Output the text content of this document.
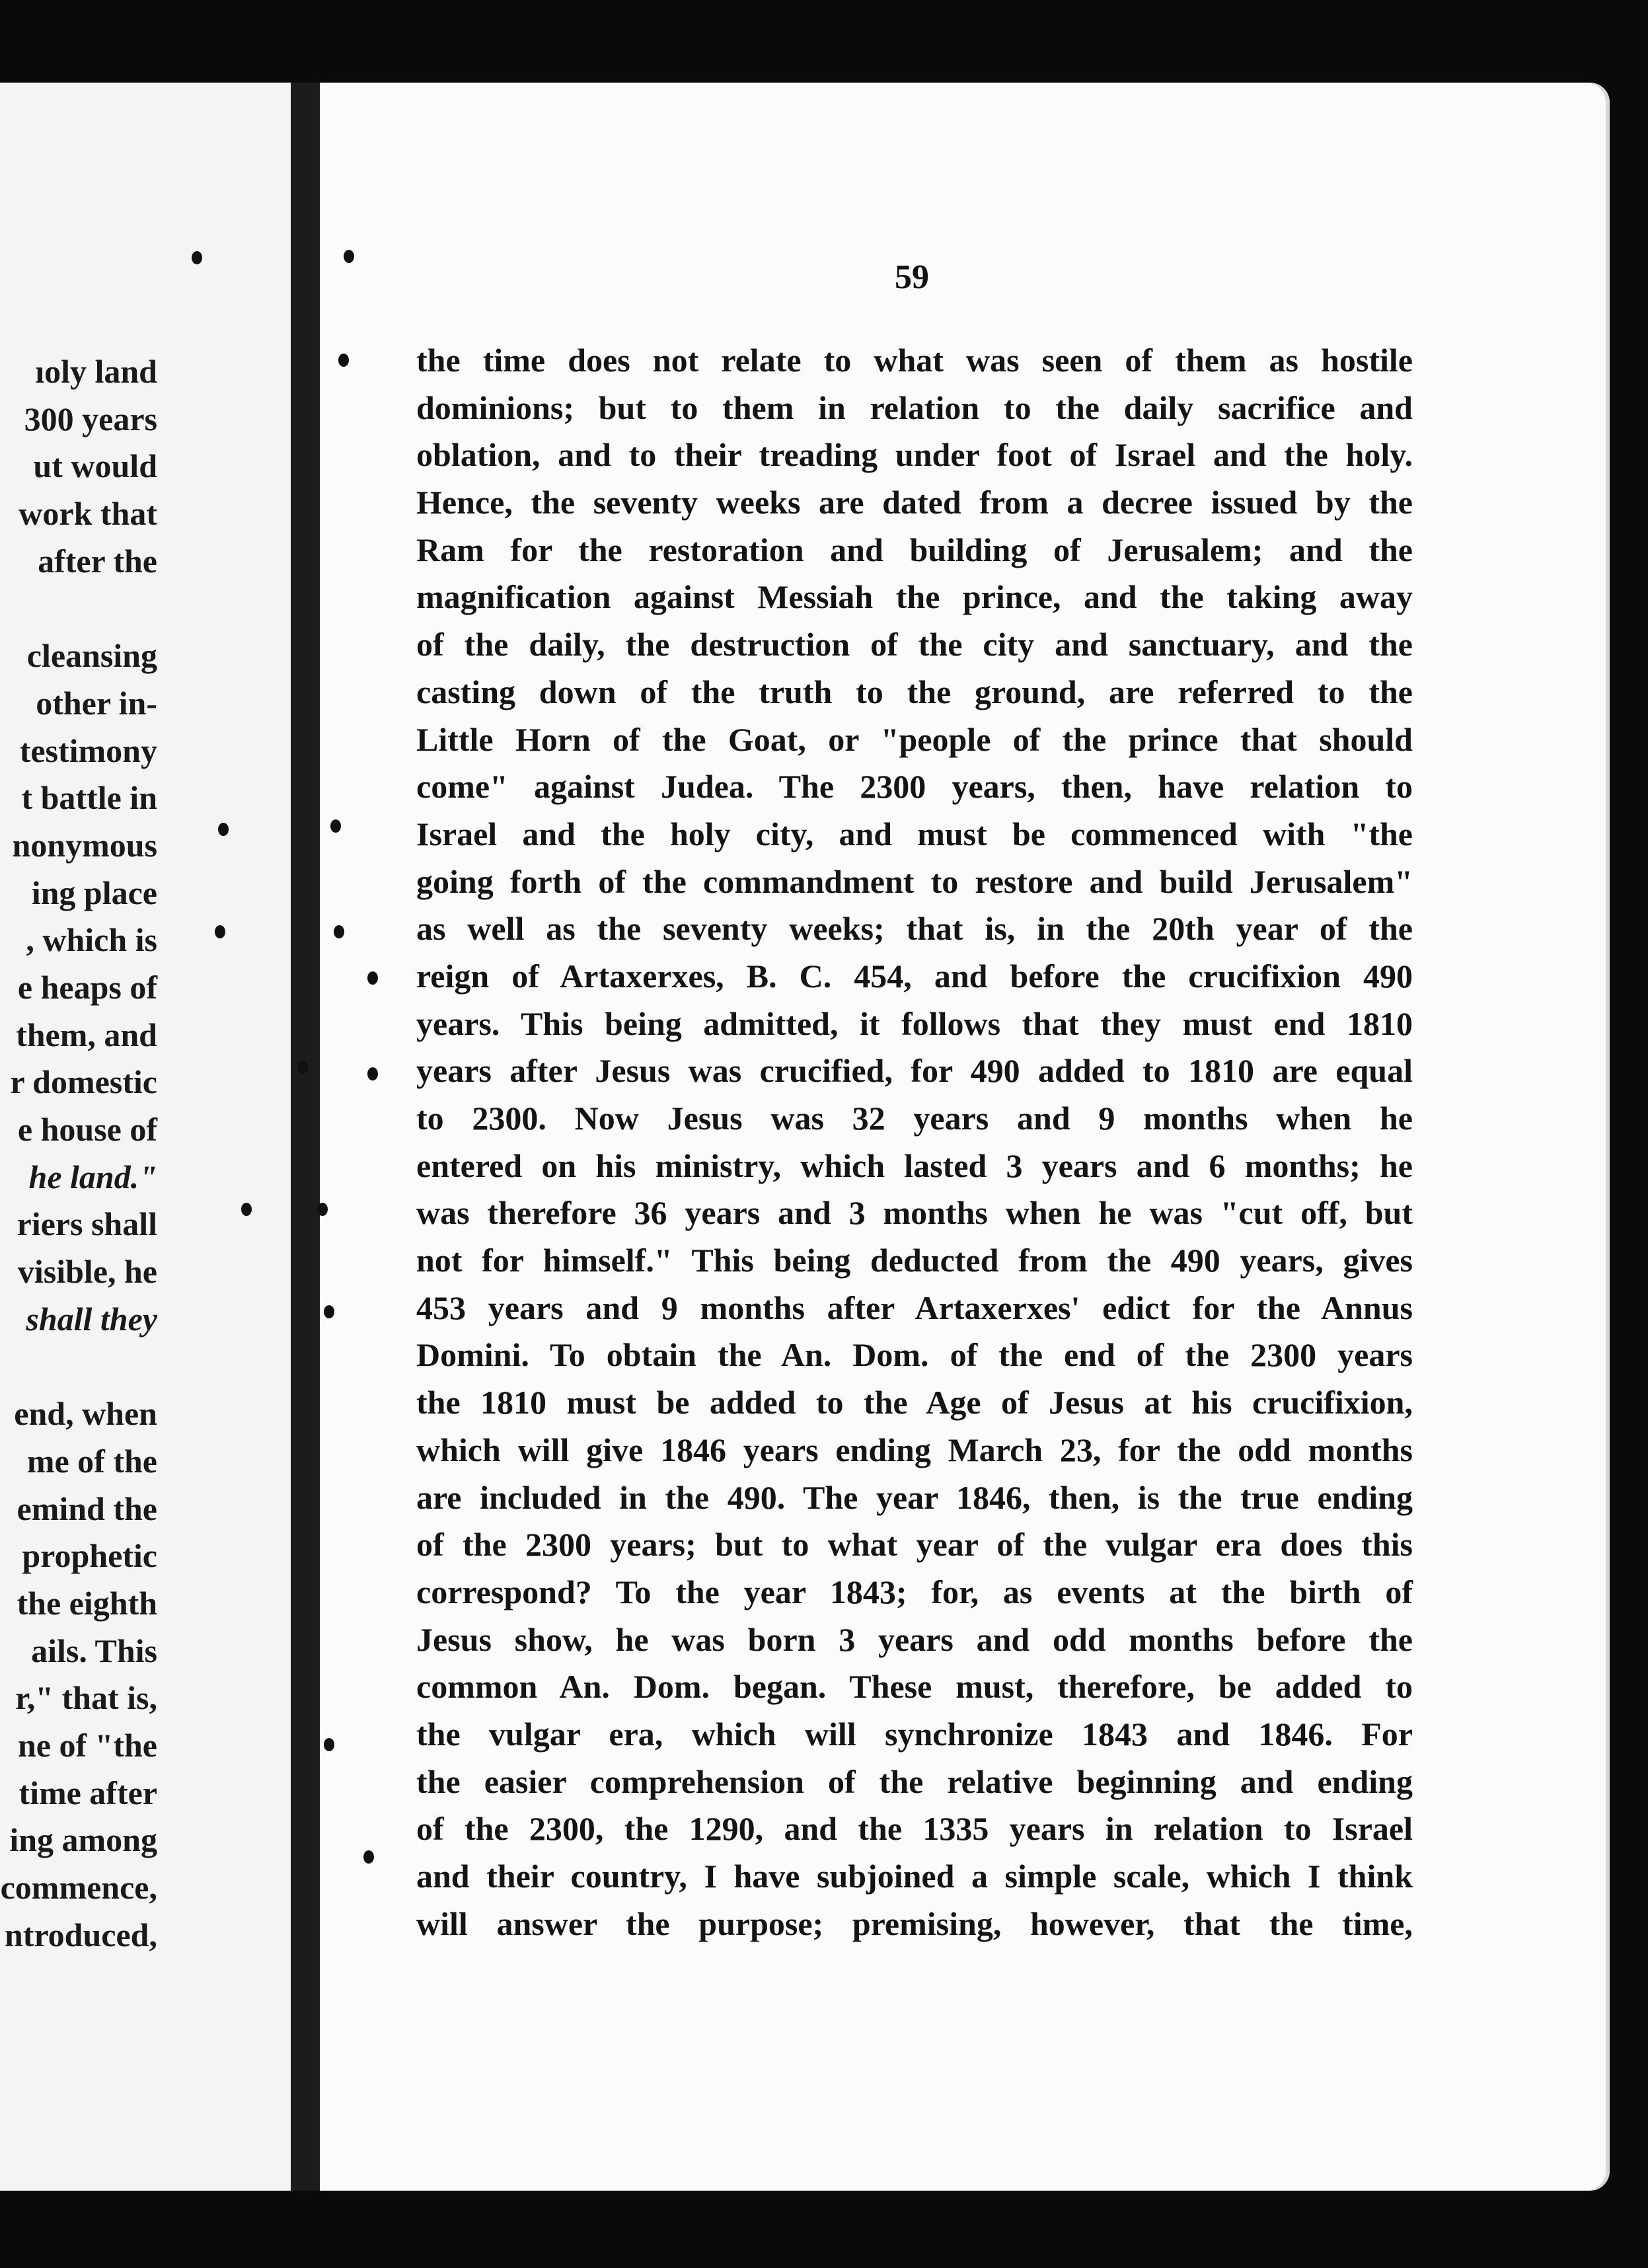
ıoly land
300 years
ut would
work that
after the
cleansing
other in-
testimony
t battle in
nonymous
ing place
, which is
e heaps of
them, and
r domestic
e house of
he land."
riers shall
visible, he
shall they
end, when
me of the
emind the
prophetic
the eighth
ails. This
r," that is,
ne of "the
time after
ing among
commence,
ntroduced,
59
the time does not relate to what was seen of them as hostile
dominions; but to them in relation to the daily sacrifice and
oblation, and to their treading under foot of Israel and the holy.
Hence, the seventy weeks are dated from a decree issued by the
Ram for the restoration and building of Jerusalem; and the
magnification against Messiah the prince, and the taking away
of the daily, the destruction of the city and sanctuary, and the
casting down of the truth to the ground, are referred to the
Little Horn of the Goat, or "people of the prince that should
come" against Judea. The 2300 years, then, have relation to
Israel and the holy city, and must be commenced with "the
going forth of the commandment to restore and build Jerusalem"
as well as the seventy weeks; that is, in the 20th year of the
reign of Artaxerxes, B. C. 454, and before the crucifixion 490
years. This being admitted, it follows that they must end 1810
years after Jesus was crucified, for 490 added to 1810 are equal
to 2300. Now Jesus was 32 years and 9 months when he
entered on his ministry, which lasted 3 years and 6 months; he
was therefore 36 years and 3 months when he was "cut off, but
not for himself." This being deducted from the 490 years, gives
453 years and 9 months after Artaxerxes' edict for the Annus
Domini. To obtain the An. Dom. of the end of the 2300 years
the 1810 must be added to the Age of Jesus at his crucifixion,
which will give 1846 years ending March 23, for the odd months
are included in the 490. The year 1846, then, is the true ending
of the 2300 years; but to what year of the vulgar era does this
correspond? To the year 1843; for, as events at the birth of
Jesus show, he was born 3 years and odd months before the
common An. Dom. began. These must, therefore, be added to
the vulgar era, which will synchronize 1843 and 1846. For
the easier comprehension of the relative beginning and ending
of the 2300, the 1290, and the 1335 years in relation to Israel
and their country, I have subjoined a simple scale, which I think
will answer the purpose; premising, however, that the time,
